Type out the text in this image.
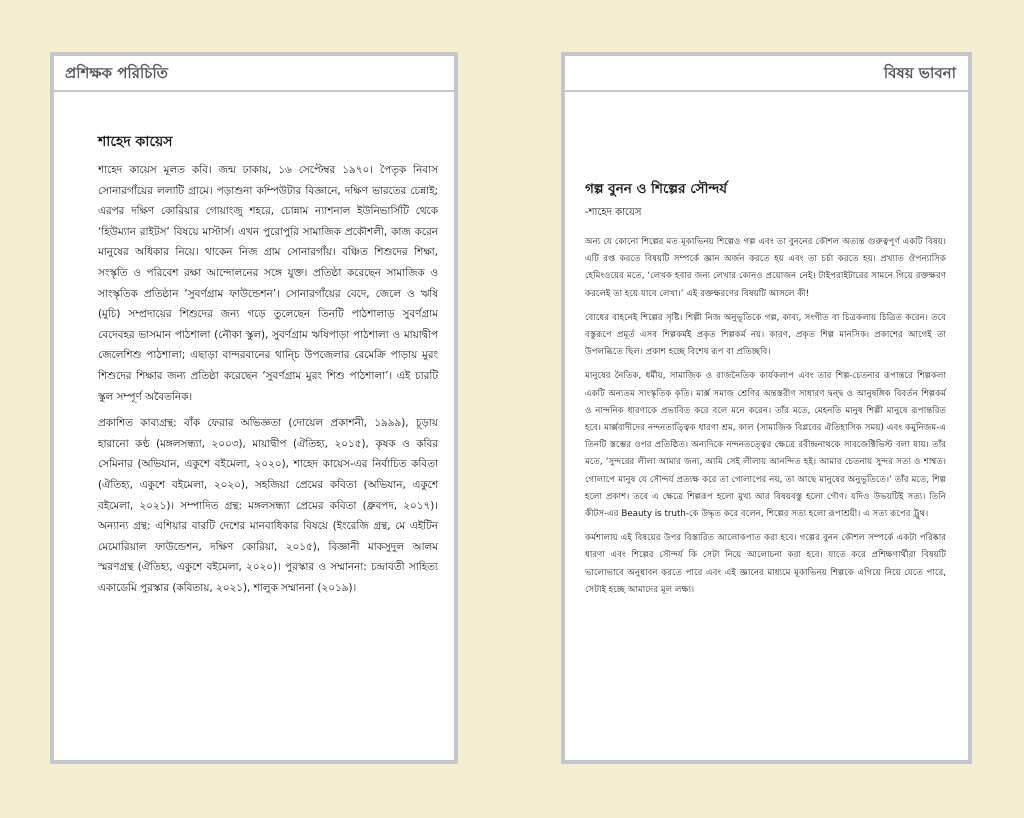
প্রশিক্ষক পরিচিতি
শাহেদ কায়েস

শাহেদ কায়েস মূলত কবি। জন্ম ঢাকায়, ১৬ সেপ্টেম্বর ১৯৭০। পৈতৃক নিবাস সোনারগাঁয়ের ললাটি গ্রামে। পড়াশুনা কম্পিউটার বিজ্ঞানে, দক্ষিণ ভারতের চেন্নাই; এরপর দক্ষিণ কোরিয়ার গোয়াংজু শহরে, চোন্নাম ন্যাশনাল ইউনিভার্সিটি থেকে ‘হিউম্যান রাইটস’ বিষয়ে মাস্টার্স। এখন পুরোপুরি সামাজিক প্রকৌশলী, কাজ করেন মানুষের অধিকার নিয়ে। থাকেন নিজ গ্রাম সোনারগাঁয়। বঞ্চিত শিশুদের শিক্ষা, সংস্কৃতি ও পরিবেশ রক্ষা আন্দোলনের সঙ্গে যুক্ত। প্রতিষ্ঠা করেছেন সামাজিক ও সাংস্কৃতিক প্রতিষ্ঠান ‘সুবর্ণগ্রাম ফাউন্ডেশন’। সোনারগাঁয়ের বেদে, জেলে ও ঋষি (মুচি) সম্প্রদায়ের শিশুদের জন্য গড়ে তুলেছেন তিনটি পাঠশালাড় সুবর্ণগ্রাম বেদেবহর ভাসমান পাঠশালা (নৌকা স্কুল), সুবর্ণগ্রাম ঋষিপাড়া পাঠশালা ও মায়াদ্বীপ জেলেশিশু পাঠশালা; এছাড়া বান্দরবানের থান্চি উপজেলার রেমেক্রি পাড়ায় মুরং শিশুদের শিক্ষার জন্য প্রতিষ্ঠা করেছেন ‘সুবর্ণগ্রাম মুরং শিশু পাঠশালা’। এই চারটি স্কুল সম্পূর্ণ অবৈতনিক।

প্রকাশিত কাব্যগ্রন্থ: বাঁক ফেরার অভিজ্ঞতা (দোয়েল প্রকাশনী, ১৯৯৯), চূড়ায় হারানো কণ্ঠ (মঙ্গলসন্ধ্যা, ২০০৩), মায়াদ্বীপ (ঐতিহ্য, ২০১৫), কৃষক ও কবির সেমিনার (অভিযান, একুশে বইমেলা, ২০২০), শাহেদ কায়েস-এর নির্বাচিত কবিতা (ঐতিহ্য, একুশে বইমেলা, ২০২০), সহজিয়া প্রেমের কবিতা (অভিযান, একুশে বইমেলা, ২০২১)। সম্পাদিত গ্রন্থ: মঙ্গলসন্ধ্যা প্রেমের কবিতা (ধ্রুবপদ, ২০১৭)। অন্যান্য গ্রন্থ: এশিয়ার বারটি দেশের মানবাধিকার বিষয়ে (ইংরেজি গ্রন্থ, মে এইটিন মেমোরিয়াল ফাউন্ডেশন, দক্ষিণ কোরিয়া, ২০১৫), বিজ্ঞানী মাকসুদুল আলম স্মরণগ্রন্থ (ঐতিহ্য, একুশে বইমেলা, ২০২০)। পুরস্কার ও সম্মাননা: চন্দ্রাবতী সাহিত্য একাডেমি পুরস্কার (কবিতায়, ২০২১), শালুক সম্মাননা (২০১৯)।

বিষয় ভাবনা
গল্প বুনন ও শিল্পের সৌন্দর্য
-শাহেদ কায়েস

অন্য যে কোনো শিল্পের মত মূকাভিনয় শিল্পেও গল্প এবং তা বুননের কৌশল অত্যন্ত গুরুত্বপূর্ণ একটি বিষয়। এটি রপ্ত করতে বিষয়টি সম্পর্কে জ্ঞান অর্জন করতে হয় এবং তা চর্চা করতে হয়। প্রখ্যাত ঔপন্যাসিক হেমিংওয়ের মতে, ‘লেখক হবার জন্য লেখার কোনও প্রয়োজন নেই। টাইপরাইটারের সামনে গিয়ে রক্তক্ষরণ করলেই তা হয়ে যাবে লেখা।’ এই রক্তক্ষরণের বিষয়টি আসলে কী!

বোধের বাহনেই শিল্পের সৃষ্টি। শিল্পী নিজ অনুভূতিকে গল্প, কাব্য, সংগীত বা চিত্রকলায় চিত্রিত করেন। তবে বস্তুরূপে প্রমূর্ত এসব শিল্পকর্মই প্রকৃত শিল্পকর্ম নয়। কারণ, প্রকৃত শিল্প মানসিক। প্রকাশের আগেই তা উপলব্ধিতে ছিল। প্রকাশ হচ্ছে বিশেষ রূপ বা প্রতিচ্ছবি।

মানুষের নৈতিক, ধর্মীয়, সামাজিক ও রাজনৈতিক কার্যকলাপ এবং তার শিল্প-চেতনার রূপান্তরে শিল্পকলা একটি অন্যতম সাংস্কৃতিক কৃতি। মার্ক্স সমাজ শ্রেণির অন্তস্তরীণ সাধারণ দ্বন্দ্ব ও আনুষঙ্গিক বিবর্তন শিল্পকর্ম ও নান্দনিক ধারণাকে প্রভাবিত করে বলে মনে করেন। তাঁর মতে, মেহনতি মানুষ শিল্পী মানুষে রূপান্তরিত হবে। মার্ক্সবাদীদের নন্দনতাত্ত্বিক ধারণা শ্রম, কাল (সামাজিক বিপ্লবের ঐতিহাসিক সময়) এবং কমুনিজম-এ তিনটি স্তম্ভের ওপর প্রতিষ্ঠিত। অন্যদিকে নন্দনতত্ত্বের ক্ষেত্রে রবীন্দ্রনাথকে সাবজেক্টিভিস্ট বলা যায়। তাঁর মতে, ‘সুন্দরের লীলা আমার জন্য, আমি সেই লীলায় আনন্দিত হই। আমার চেতনায় সুন্দর সত্য ও শাশ্বত। গোলাপে মানুষ যে সৌন্দর্য প্রত্যক্ষ করে তা গোলাপের নয়, তা আছে মানুষের অনুভূতিতে।’ তাঁর মতে, শিল্প হলো প্রকাশ। তবে এ ক্ষেত্রে শিল্পরূপ হলো মুখ্য আর বিষয়বস্তু হলো গৌণ। যদিও উভয়টিই সত্য। তিনি কীটস-এর Beauty is truth-কে উদ্ধৃত করে বলেন, শিল্পের সত্য হলো রূপাশ্রয়ী। এ সত্য রূপের ট্রুথ।

কর্মশালায় এই বিষয়ের উপর বিস্তারিত আলোকপাত করা হবে। গল্পের বুনন কৌশল সম্পর্কে একটা পরিষ্কার ধারণা এবং শিল্পের সৌন্দর্য কি সেটা নিয়ে আলোচনা করা হবে। যাতে করে প্রশিক্ষণার্থীরা বিষয়টি ভালোভাবে অনুধাবন করতে পারে এবং এই জ্ঞানের মাধ্যমে মূকাভিনয় শিল্পকে এগিয়ে নিয়ে যেতে পারে, সেটাই হচ্ছে আমাদের মূল লক্ষ্য।
